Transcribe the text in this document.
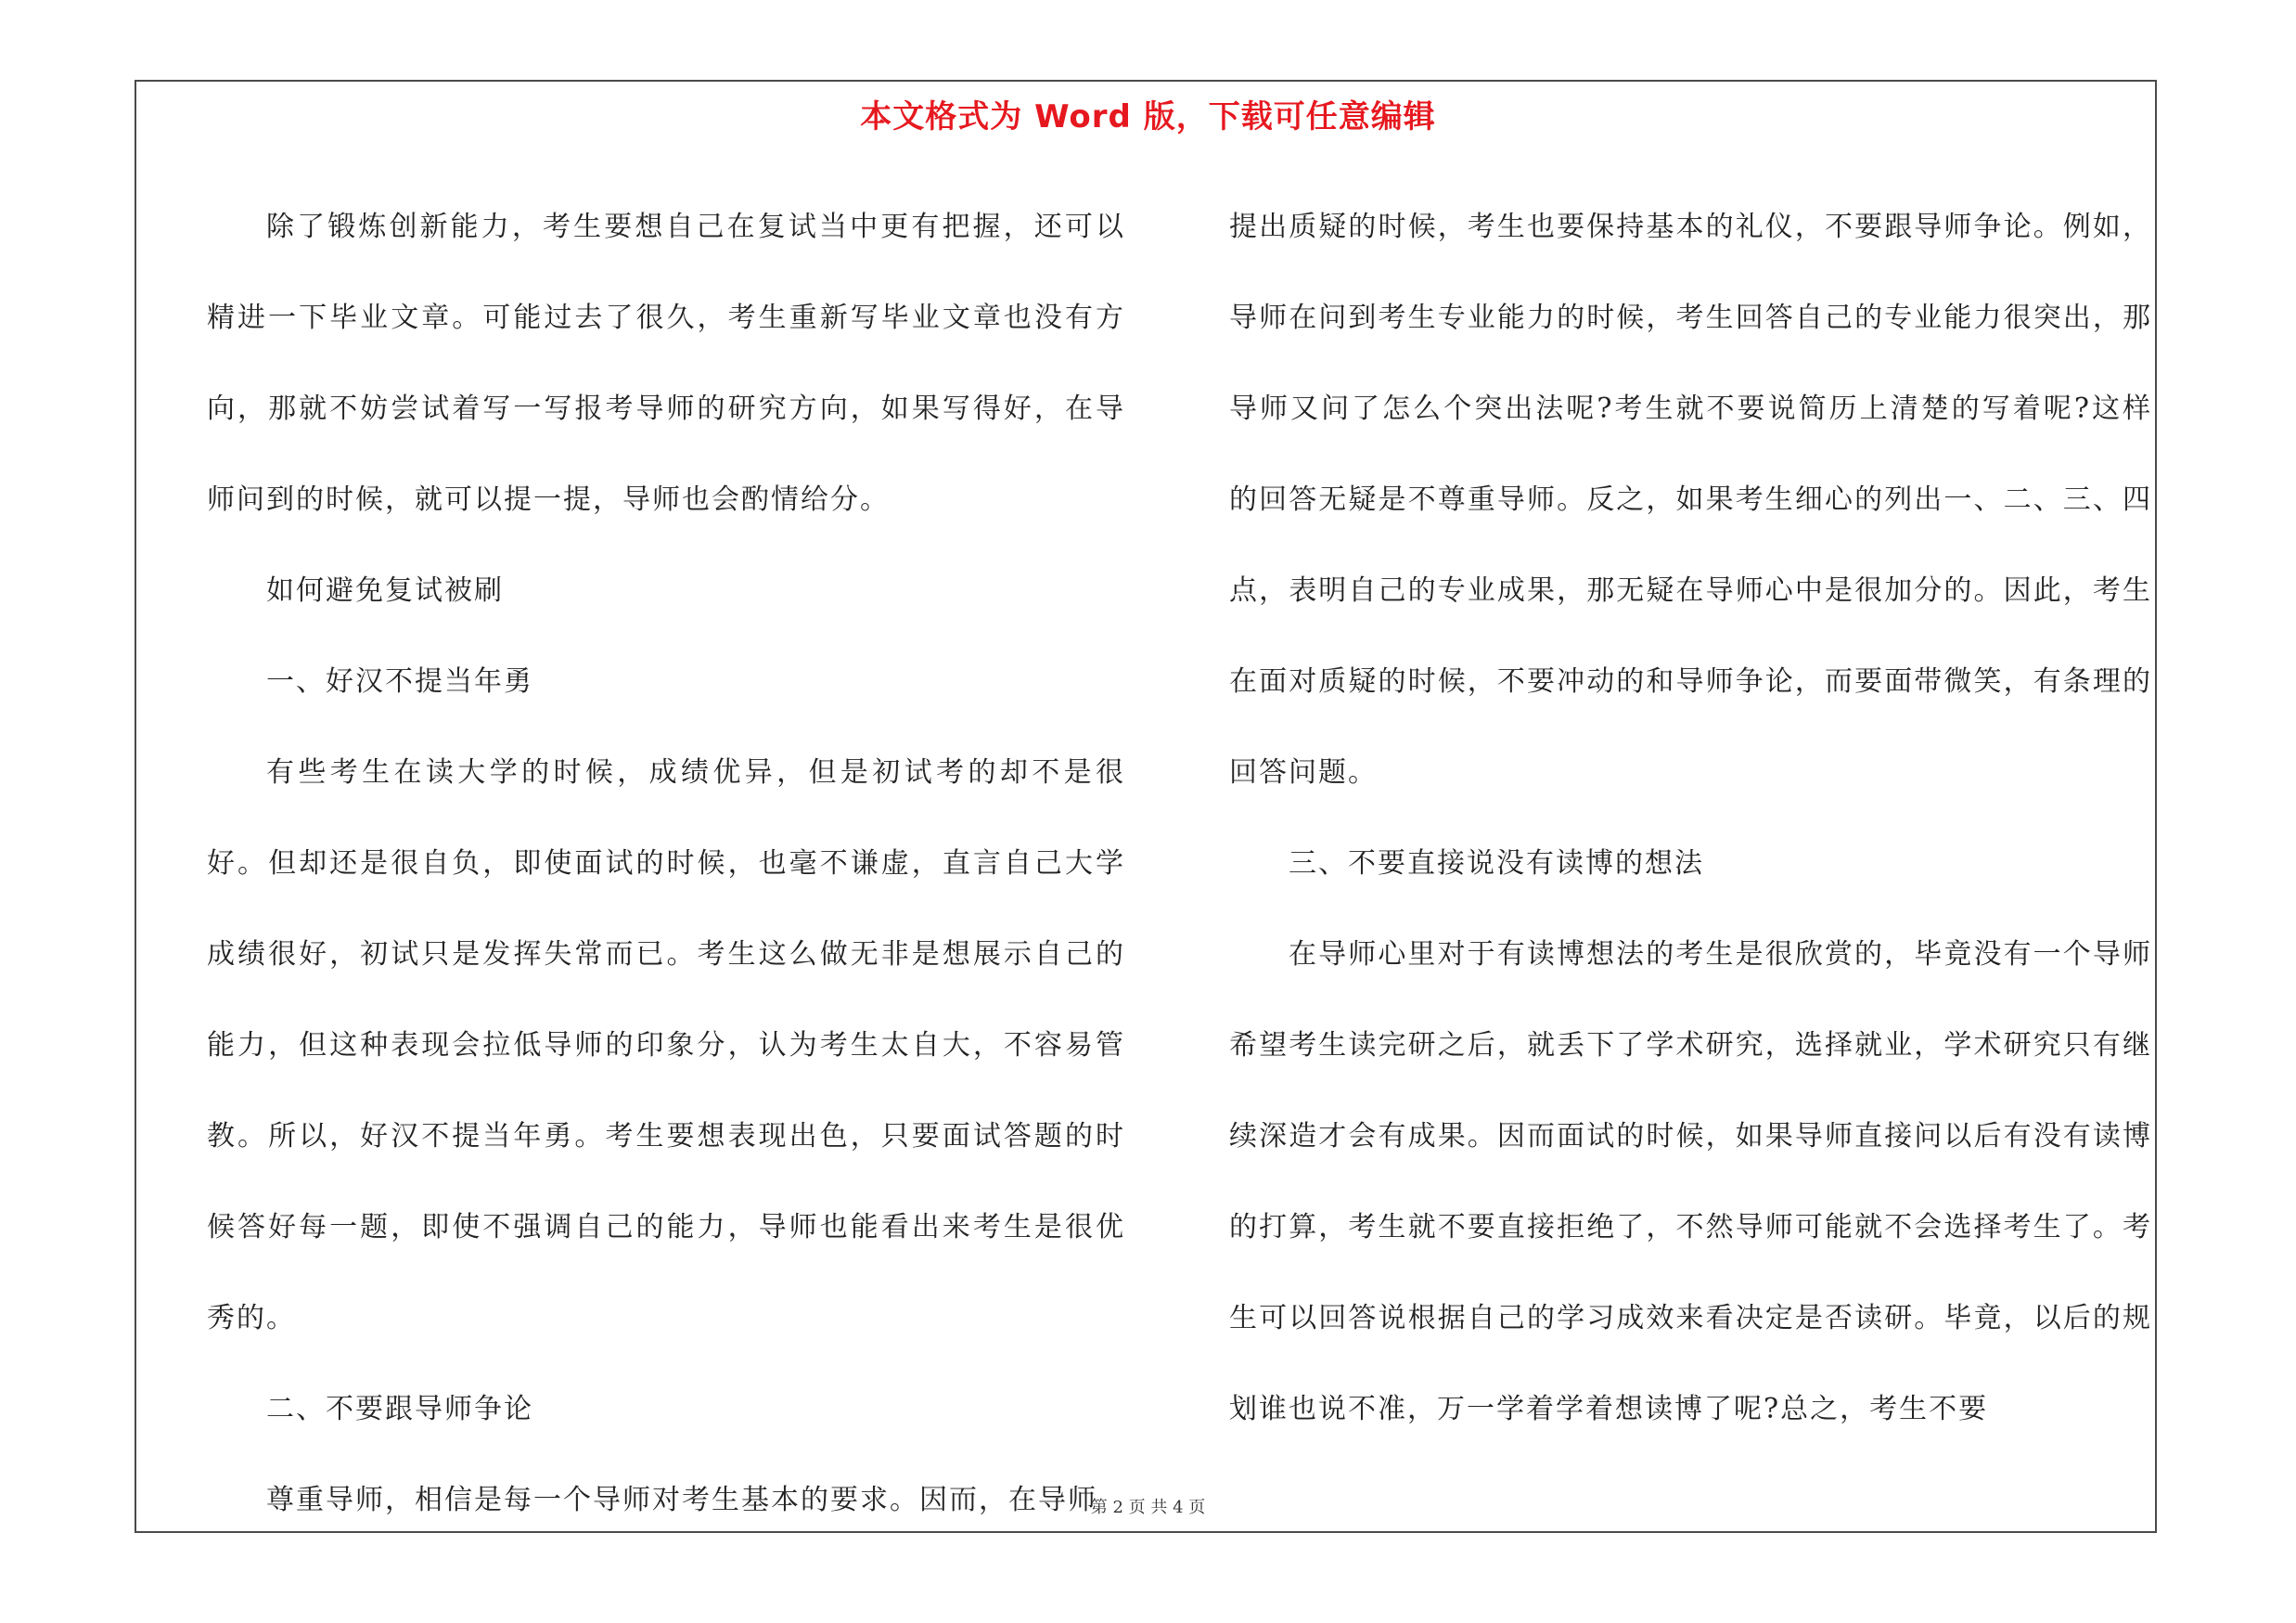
本文格式为 Word 版，下载可任意编辑

除了锻炼创新能力，考生要想自己在复试当中更有把握，还可以精进一下毕业文章。可能过去了很久，考生重新写毕业文章也没有方向，那就不妨尝试着写一写报考导师的研究方向，如果写得好，在导师问到的时候，就可以提一提，导师也会酌情给分。

如何避免复试被刷

一、好汉不提当年勇

有些考生在读大学的时候，成绩优异，但是初试考的却不是很好。但却还是很自负，即使面试的时候，也毫不谦虚，直言自己大学成绩很好，初试只是发挥失常而已。考生这么做无非是想展示自己的能力，但这种表现会拉低导师的印象分，认为考生太自大，不容易管教。所以，好汉不提当年勇。考生要想表现出色，只要面试答题的时候答好每一题，即使不强调自己的能力，导师也能看出来考生是很优秀的。

二、不要跟导师争论

尊重导师，相信是每一个导师对考生基本的要求。因而，在导师

提出质疑的时候，考生也要保持基本的礼仪，不要跟导师争论。例如，导师在问到考生专业能力的时候，考生回答自己的专业能力很突出，那导师又问了怎么个突出法呢?考生就不要说简历上清楚的写着呢?这样的回答无疑是不尊重导师。反之，如果考生细心的列出一、二、三、四点，表明自己的专业成果，那无疑在导师心中是很加分的。因此，考生在面对质疑的时候，不要冲动的和导师争论，而要面带微笑，有条理的回答问题。

三、不要直接说没有读博的想法

在导师心里对于有读博想法的考生是很欣赏的，毕竟没有一个导师希望考生读完研之后，就丢下了学术研究，选择就业，学术研究只有继续深造才会有成果。因而面试的时候，如果导师直接问以后有没有读博的打算，考生就不要直接拒绝了，不然导师可能就不会选择考生了。考生可以回答说根据自己的学习成效来看决定是否读研。毕竟，以后的规划谁也说不准，万一学着学着想读博了呢?总之，考生不要

第 2 页 共 4 页
